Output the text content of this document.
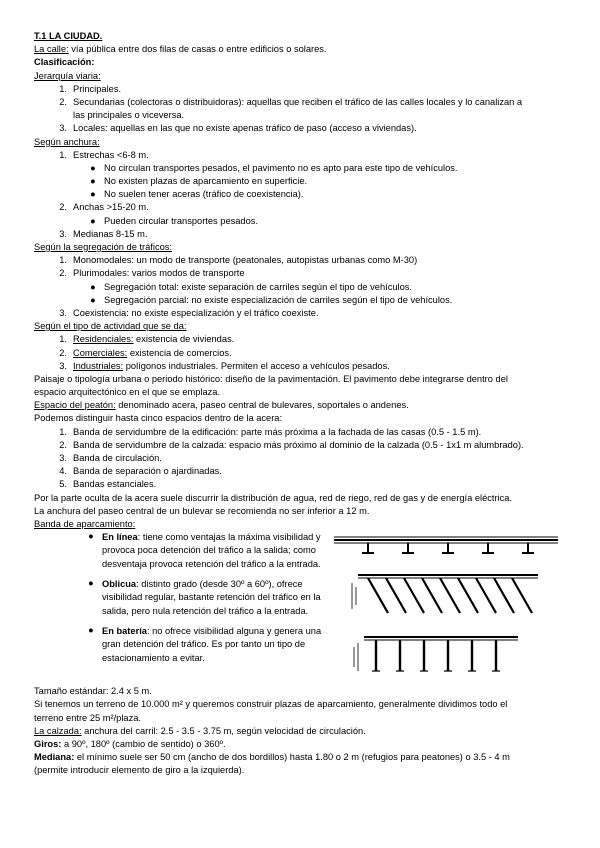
T.1 LA CIUDAD.
La calle: vía pública entre dos filas de casas o entre edificios o solares.
Clasificación:
Jerarquía viaria:
1. Principales.
2. Secundarias (colectoras o distribuidoras): aquellas que reciben el tráfico de las calles locales y lo canalizan a
las principales o viceversa.
3. Locales: aquellas en las que no existe apenas tráfico de paso (acceso a viviendas).
Según anchura:
1. Estrechas <6-8 m.
● No circulan transportes pesados, el pavimento no es apto para este tipo de vehículos.
● No existen plazas de aparcamiento en superficie.
● No suelen tener aceras (tráfico de coexistencia).
2. Anchas >15-20 m.
● Pueden circular transportes pesados.
3. Medianas 8-15 m.
Según la segregación de tráficos:
1. Monomodales: un modo de transporte (peatonales, autopistas urbanas como M-30)
2. Plurimodales: varios modos de transporte
● Segregación total: existe separación de carriles según el tipo de vehículos.
● Segregación parcial: no existe especialización de carriles según el tipo de vehículos.
3. Coexistencia: no existe especialización y el tráfico coexiste.
Según el tipo de actividad que se da:
1. Residenciales: existencia de viviendas.
2. Comerciales: existencia de comercios.
3. Industriales: polígonos industriales. Permiten el acceso a vehículos pesados.
Paisaje o tipología urbana o periodo histórico: diseño de la pavimentación. El pavimento debe integrarse dentro del
espacio arquitectónico en el que se emplaza.
Espacio del peatón: denominado acera, paseo central de bulevares, soportales o andenes.
Podemos distinguir hasta cinco espacios dentro de la acera:
1. Banda de servidumbre de la edificación: parte más próxima a la fachada de las casas (0.5 - 1.5 m).
2. Banda de servidumbre de la calzada: espacio más próximo al dominio de la calzada (0.5 - 1x1 m alumbrado).
3. Banda de circulación.
4. Banda de separación o ajardinadas.
5. Bandas estanciales.
Por la parte oculta de la acera suele discurrir la distribución de agua, red de riego, red de gas y de energía eléctrica.
La anchura del paseo central de un bulevar se recomienda no ser inferior a 12 m.
Banda de aparcamiento:
● En línea: tiene como ventajas la máxima visibilidad y
provoca poca detención del tráfico a la salida; como
desventaja provoca retención del tráfico a la entrada.
● Oblicua: distinto grado (desde 30º a 60º), ofrece
visibilidad regular, bastante retención del tráfico en la
salida, pero nula retención del tráfico a la entrada.
● En batería: no ofrece visibilidad alguna y genera una
gran detención del tráfico. Es por tanto un tipo de
estacionamiento a evitar.
Tamaño estándar: 2.4 x 5 m.
Si tenemos un terreno de 10.000 m² y queremos construir plazas de aparcamiento, generalmente dividimos todo el
terreno entre 25 m²/plaza.
La calzada: anchura del carril: 2.5 - 3.5 - 3.75 m, según velocidad de circulación.
Giros: a 90º, 180º (cambio de sentido) o 360º.
Mediana: el mínimo suele ser 50 cm (ancho de dos bordillos) hasta 1.80 o 2 m (refugios para peatones) o 3.5 - 4 m
(permite introducir elemento de giro a la izquierda).
